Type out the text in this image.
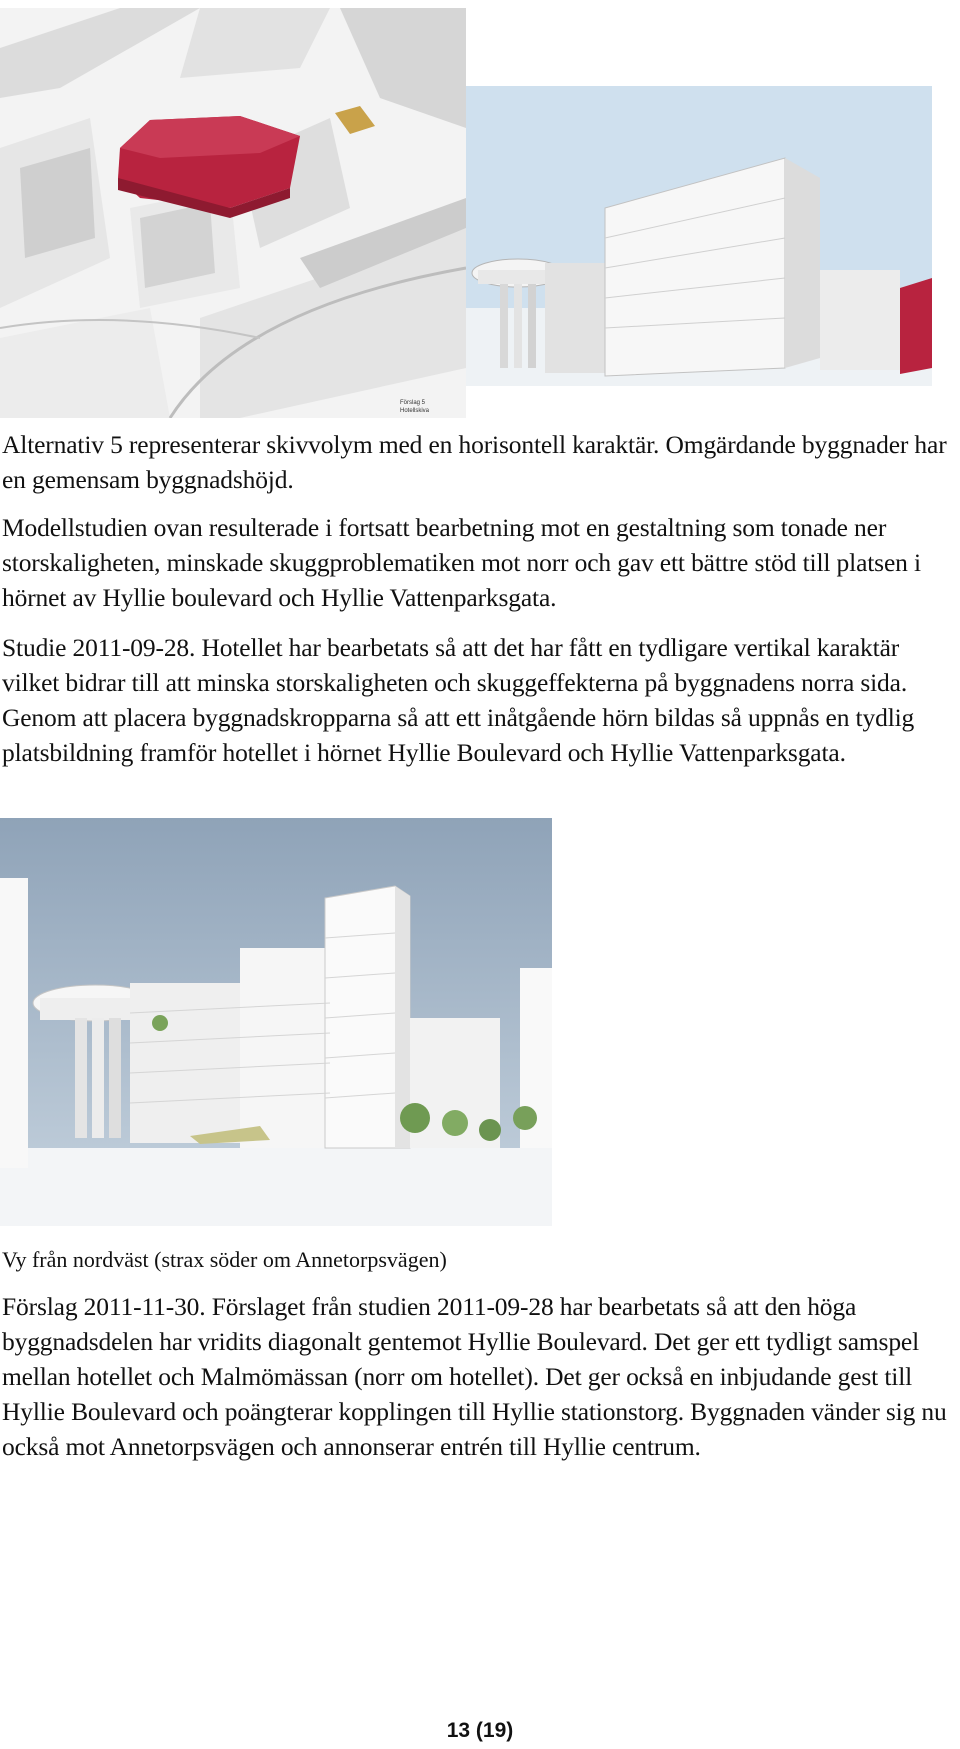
Förslag 5
Hotellskiva

Alternativ 5 representerar skivvolym med en horisontell karaktär. Omgärdande byggnader har en gemensam byggnadshöjd.

Modellstudien ovan resulterade i fortsatt bearbetning mot en gestaltning som tonade ner storskaligheten, minskade skuggproblematiken mot norr och gav ett bättre stöd till platsen i hörnet av Hyllie boulevard och Hyllie Vattenparksgata.

Studie 2011-09-28. Hotellet har bearbetats så att det har fått en tydligare vertikal karaktär vilket bidrar till att minska storskaligheten och skuggeffekterna på byggnadens norra sida. Genom att placera byggnadskropparna så att ett inåtgående hörn bildas så uppnås en tydlig platsbildning framför hotellet i hörnet Hyllie Boulevard och Hyllie Vattenparksgata.

Vy från nordväst (strax söder om Annetorpsvägen)

Förslag 2011-11-30. Förslaget från studien 2011-09-28 har bearbetats så att den höga byggnadsdelen har vridits diagonalt gentemot Hyllie Boulevard. Det ger ett tydligt samspel mellan hotellet och Malmömässan (norr om hotellet). Det ger också en inbjudande gest till Hyllie Boulevard och poängterar kopplingen till Hyllie stationstorg. Byggnaden vänder sig nu också mot Annetorpsvägen och annonserar entrén till Hyllie centrum.

13 (19)
